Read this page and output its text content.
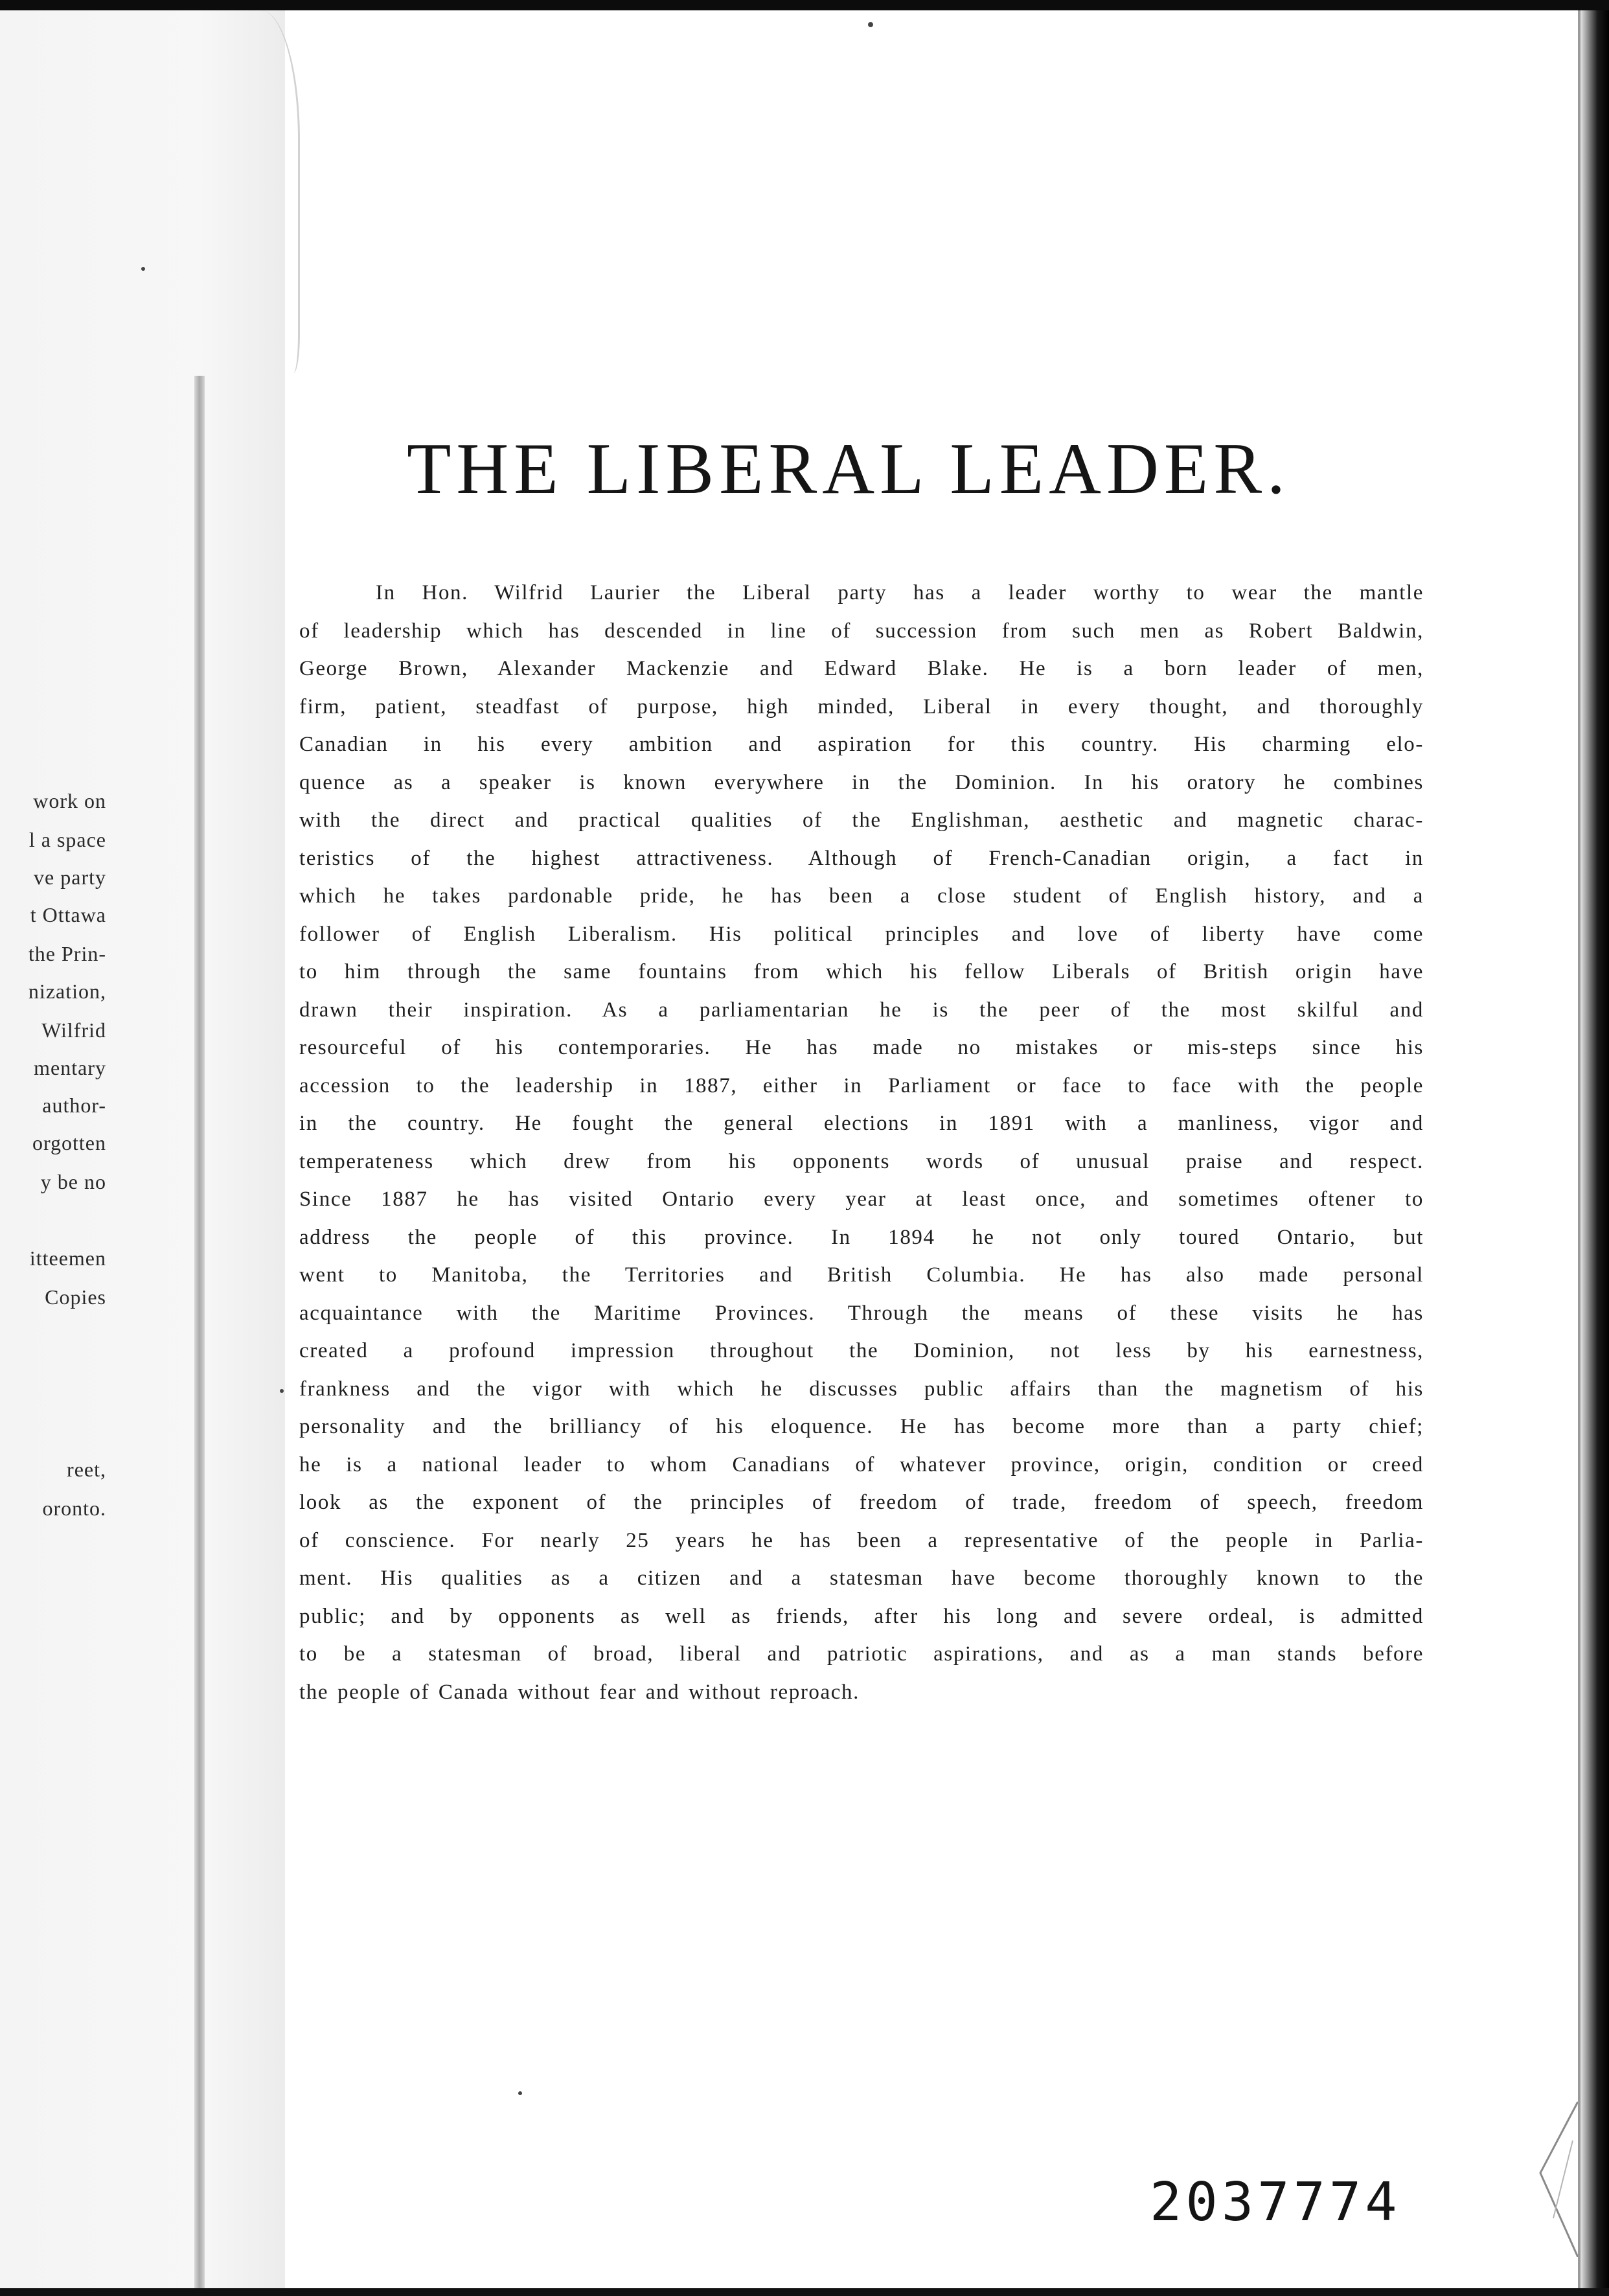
work on
l a space
ve party
t Ottawa
the Prin-
nization,
Wilfrid
mentary
author-
orgotten
y be no
itteemen
Copies
reet,
oronto.
THE LIBERAL LEADER.
In Hon. Wilfrid Laurier the Liberal party has a leader worthy to wear the mantle
of leadership which has descended in line of succession from such men as Robert Baldwin,
George Brown, Alexander Mackenzie and Edward Blake. He is a born leader of men,
firm, patient, steadfast of purpose, high minded, Liberal in every thought, and thoroughly
Canadian in his every ambition and aspiration for this country. His charming elo-
quence as a speaker is known everywhere in the Dominion. In his oratory he combines
with the direct and practical qualities of the Englishman, aesthetic and magnetic charac-
teristics of the highest attractiveness. Although of French-Canadian origin, a fact in
which he takes pardonable pride, he has been a close student of English history, and a
follower of English Liberalism. His political principles and love of liberty have come
to him through the same fountains from which his fellow Liberals of British origin have
drawn their inspiration. As a parliamentarian he is the peer of the most skilful and
resourceful of his contemporaries. He has made no mistakes or mis-steps since his
accession to the leadership in 1887, either in Parliament or face to face with the people
in the country. He fought the general elections in 1891 with a manliness, vigor and
temperateness which drew from his opponents words of unusual praise and respect.
Since 1887 he has visited Ontario every year at least once, and sometimes oftener to
address the people of this province. In 1894 he not only toured Ontario, but
went to Manitoba, the Territories and British Columbia. He has also made personal
acquaintance with the Maritime Provinces. Through the means of these visits he has
created a profound impression throughout the Dominion, not less by his earnestness,
frankness and the vigor with which he discusses public affairs than the magnetism of his
personality and the brilliancy of his eloquence. He has become more than a party chief;
he is a national leader to whom Canadians of whatever province, origin, condition or creed
look as the exponent of the principles of freedom of trade, freedom of speech, freedom
of conscience. For nearly 25 years he has been a representative of the people in Parlia-
ment. His qualities as a citizen and a statesman have become thoroughly known to the
public; and by opponents as well as friends, after his long and severe ordeal, is admitted
to be a statesman of broad, liberal and patriotic aspirations, and as a man stands before
the people of Canada without fear and without reproach.
2037774
